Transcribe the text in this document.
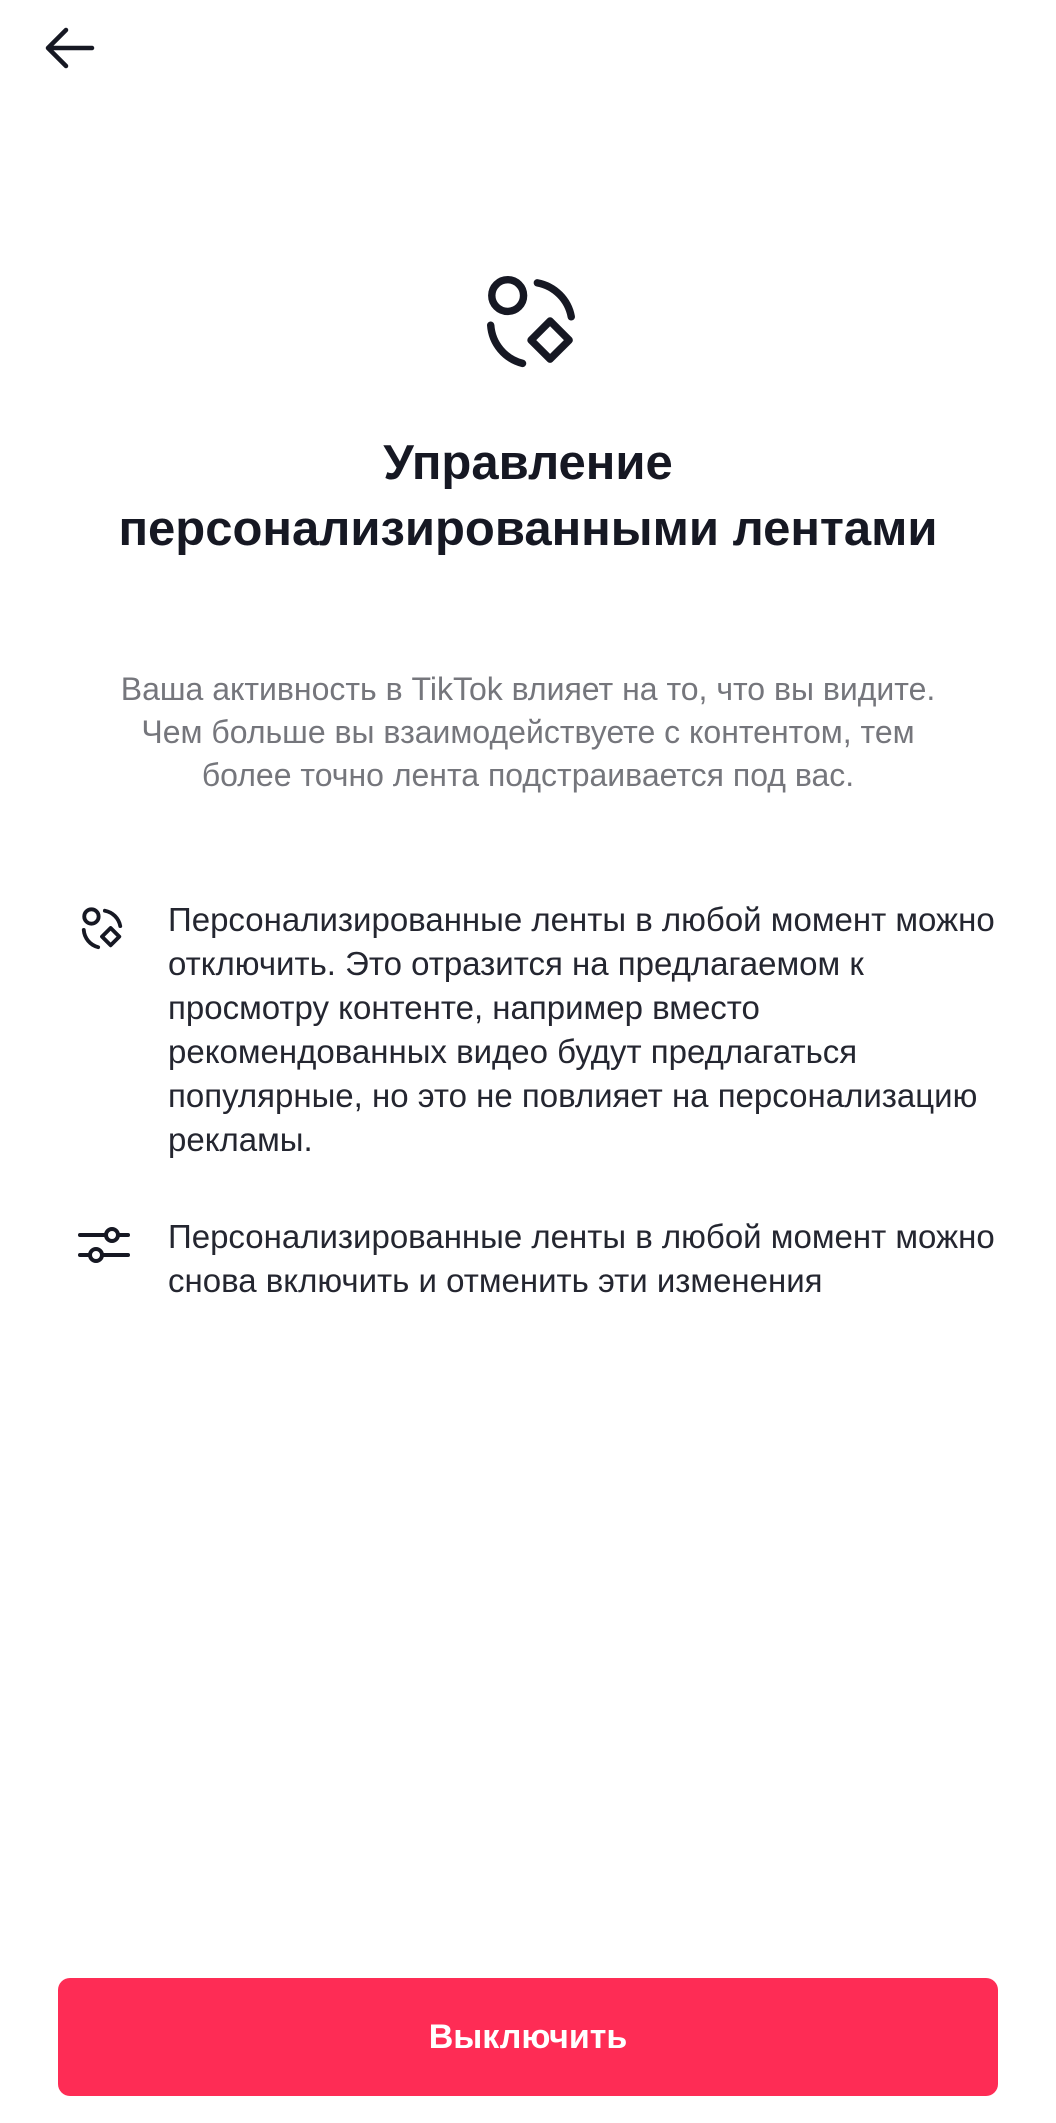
Управление персонализированными лентами

Ваша активность в TikTok влияет на то, что вы видите. Чем больше вы взаимодействуете с контентом, тем более точно лента подстраивается под вас.

Персонализированные ленты в любой момент можно отключить. Это отразится на предлагаемом к просмотру контенте, например вместо рекомендованных видео будут предлагаться популярные, но это не повлияет на персонализацию рекламы.

Персонализированные ленты в любой момент можно снова включить и отменить эти изменения

Выключить
